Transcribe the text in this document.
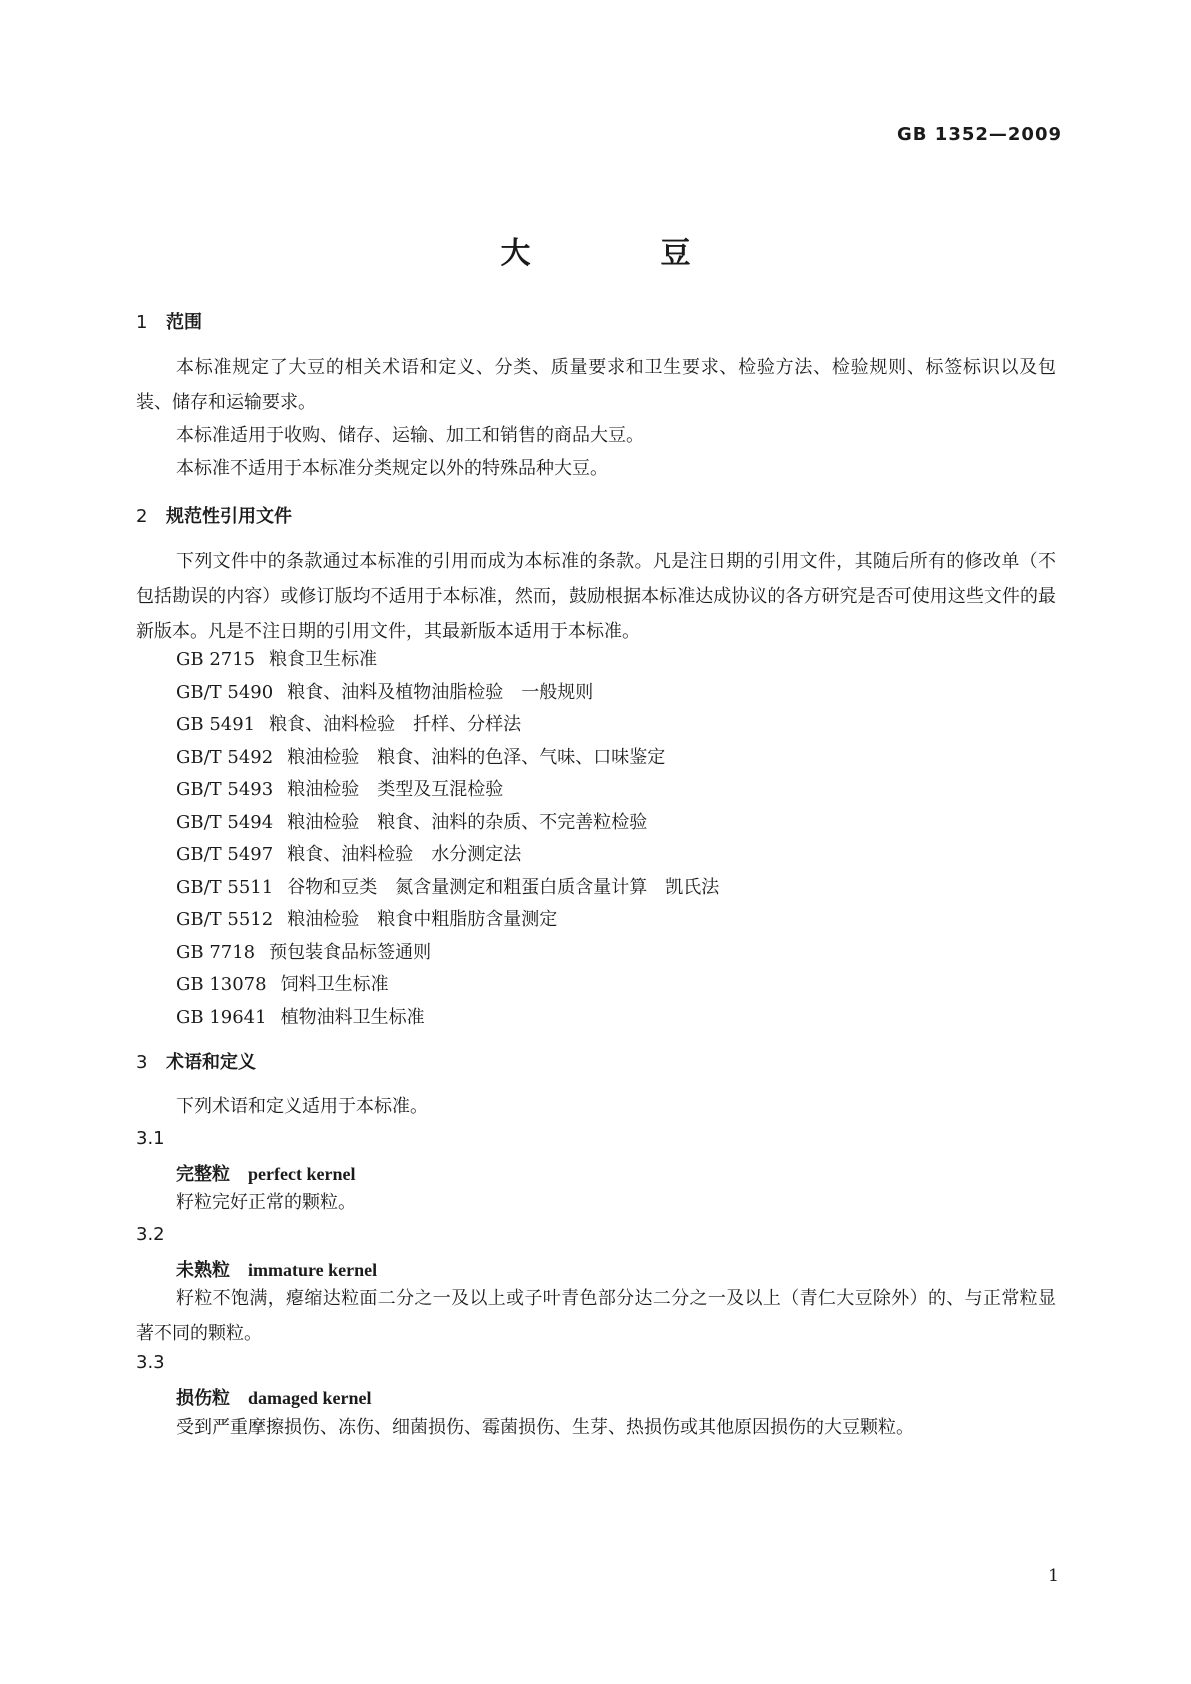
GB 1352—2009
大豆
1 范围
本标准规定了大豆的相关术语和定义、分类、质量要求和卫生要求、检验方法、检验规则、标签标识以及包装、储存和运输要求。
本标准适用于收购、储存、运输、加工和销售的商品大豆。
本标准不适用于本标准分类规定以外的特殊品种大豆。
2 规范性引用文件
下列文件中的条款通过本标准的引用而成为本标准的条款。凡是注日期的引用文件，其随后所有的修改单（不包括勘误的内容）或修订版均不适用于本标准，然而，鼓励根据本标准达成协议的各方研究是否可使用这些文件的最新版本。凡是不注日期的引用文件，其最新版本适用于本标准。
GB 2715 粮食卫生标准
GB/T 5490 粮食、油料及植物油脂检验　一般规则
GB 5491 粮食、油料检验　扦样、分样法
GB/T 5492 粮油检验　粮食、油料的色泽、气味、口味鉴定
GB/T 5493 粮油检验　类型及互混检验
GB/T 5494 粮油检验　粮食、油料的杂质、不完善粒检验
GB/T 5497 粮食、油料检验　水分测定法
GB/T 5511 谷物和豆类　氮含量测定和粗蛋白质含量计算　凯氏法
GB/T 5512 粮油检验　粮食中粗脂肪含量测定
GB 7718 预包装食品标签通则
GB 13078 饲料卫生标准
GB 19641 植物油料卫生标准
3 术语和定义
下列术语和定义适用于本标准。
3.1
完整粒 perfect kernel
籽粒完好正常的颗粒。
3.2
未熟粒 immature kernel
籽粒不饱满，瘪缩达粒面二分之一及以上或子叶青色部分达二分之一及以上（青仁大豆除外）的、与正常粒显著不同的颗粒。
3.3
损伤粒 damaged kernel
受到严重摩擦损伤、冻伤、细菌损伤、霉菌损伤、生芽、热损伤或其他原因损伤的大豆颗粒。
1
